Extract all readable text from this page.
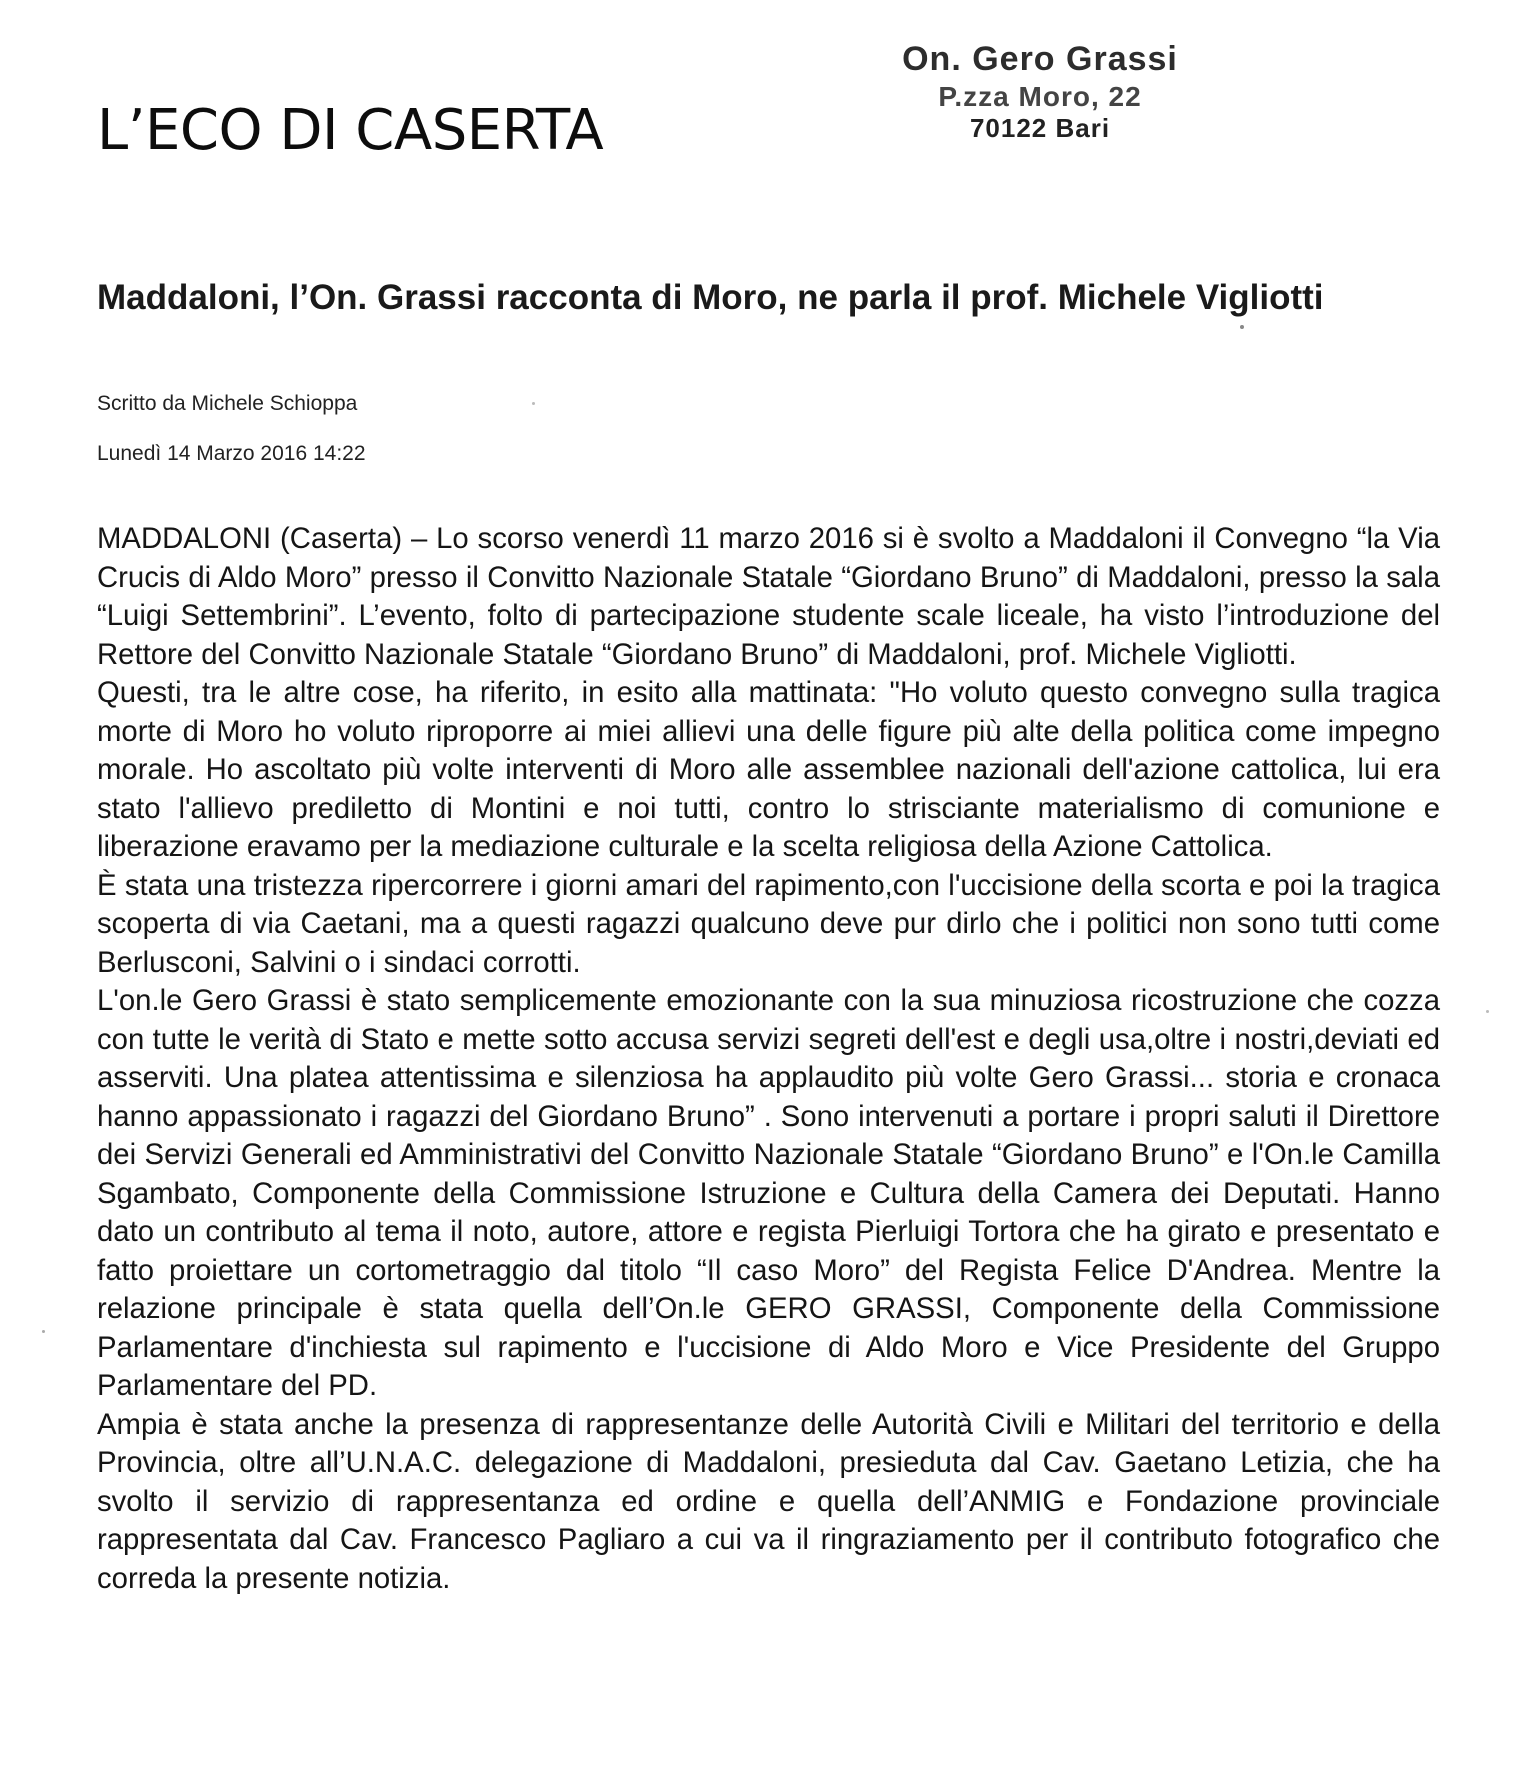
L’ECO DI CASERTA
On. Gero Grassi
P.zza Moro, 22
70122 Bari
Maddaloni, l’On. Grassi racconta di Moro, ne parla il prof. Michele Vigliotti
Scritto da Michele Schioppa
Lunedì 14 Marzo 2016 14:22

MADDALONI (Caserta) – Lo scorso venerdì 11 marzo 2016 si è svolto a Maddaloni il Convegno “la Via Crucis di Aldo Moro” presso il Convitto Nazionale Statale “Giordano Bruno” di Maddaloni, presso la sala “Luigi Settembrini”. L’evento, folto di partecipazione studente scale liceale, ha visto l’introduzione del Rettore del Convitto Nazionale Statale “Giordano Bruno” di Maddaloni, prof. Michele Vigliotti.

Questi, tra le altre cose, ha riferito, in esito alla mattinata: "Ho voluto questo convegno sulla tragica morte di Moro ho voluto riproporre ai miei allievi una delle figure più alte della politica come impegno morale. Ho ascoltato più volte interventi di Moro alle assemblee nazionali dell'azione cattolica, lui era stato l'allievo prediletto di Montini e noi tutti, contro lo strisciante materialismo di comunione e liberazione eravamo per la mediazione culturale e la scelta religiosa della Azione Cattolica.

È stata una tristezza ripercorrere i giorni amari del rapimento,con l'uccisione della scorta e poi la tragica scoperta di via Caetani, ma a questi ragazzi qualcuno deve pur dirlo che i politici non sono tutti come Berlusconi, Salvini o i sindaci corrotti.

L'on.le Gero Grassi è stato semplicemente emozionante con la sua minuziosa ricostruzione che cozza con tutte le verità di Stato e mette sotto accusa servizi segreti dell'est e degli usa,oltre i nostri,deviati ed asserviti. Una platea attentissima e silenziosa ha applaudito più volte Gero Grassi... storia e cronaca hanno appassionato i ragazzi del Giordano Bruno” . Sono intervenuti a portare i propri saluti il Direttore dei Servizi Generali ed Amministrativi del Convitto Nazionale Statale “Giordano Bruno” e l'On.le Camilla Sgambato, Componente della Commissione Istruzione e Cultura della Camera dei Deputati. Hanno dato un contributo al tema il noto, autore, attore e regista Pierluigi Tortora che ha girato e presentato e fatto proiettare un cortometraggio dal titolo “Il caso Moro” del Regista Felice D'Andrea. Mentre la relazione principale è stata quella dell’On.le GERO GRASSI, Componente della Commissione Parlamentare d'inchiesta sul rapimento e l'uccisione di Aldo Moro e Vice Presidente del Gruppo Parlamentare del PD.

Ampia è stata anche la presenza di rappresentanze delle Autorità Civili e Militari del territorio e della Provincia, oltre all’U.N.A.C. delegazione di Maddaloni, presieduta dal Cav. Gaetano Letizia, che ha svolto il servizio di rappresentanza ed ordine e quella dell’ANMIG e Fondazione provinciale rappresentata dal Cav. Francesco Pagliaro a cui va il ringraziamento per il contributo fotografico che correda la presente notizia.
